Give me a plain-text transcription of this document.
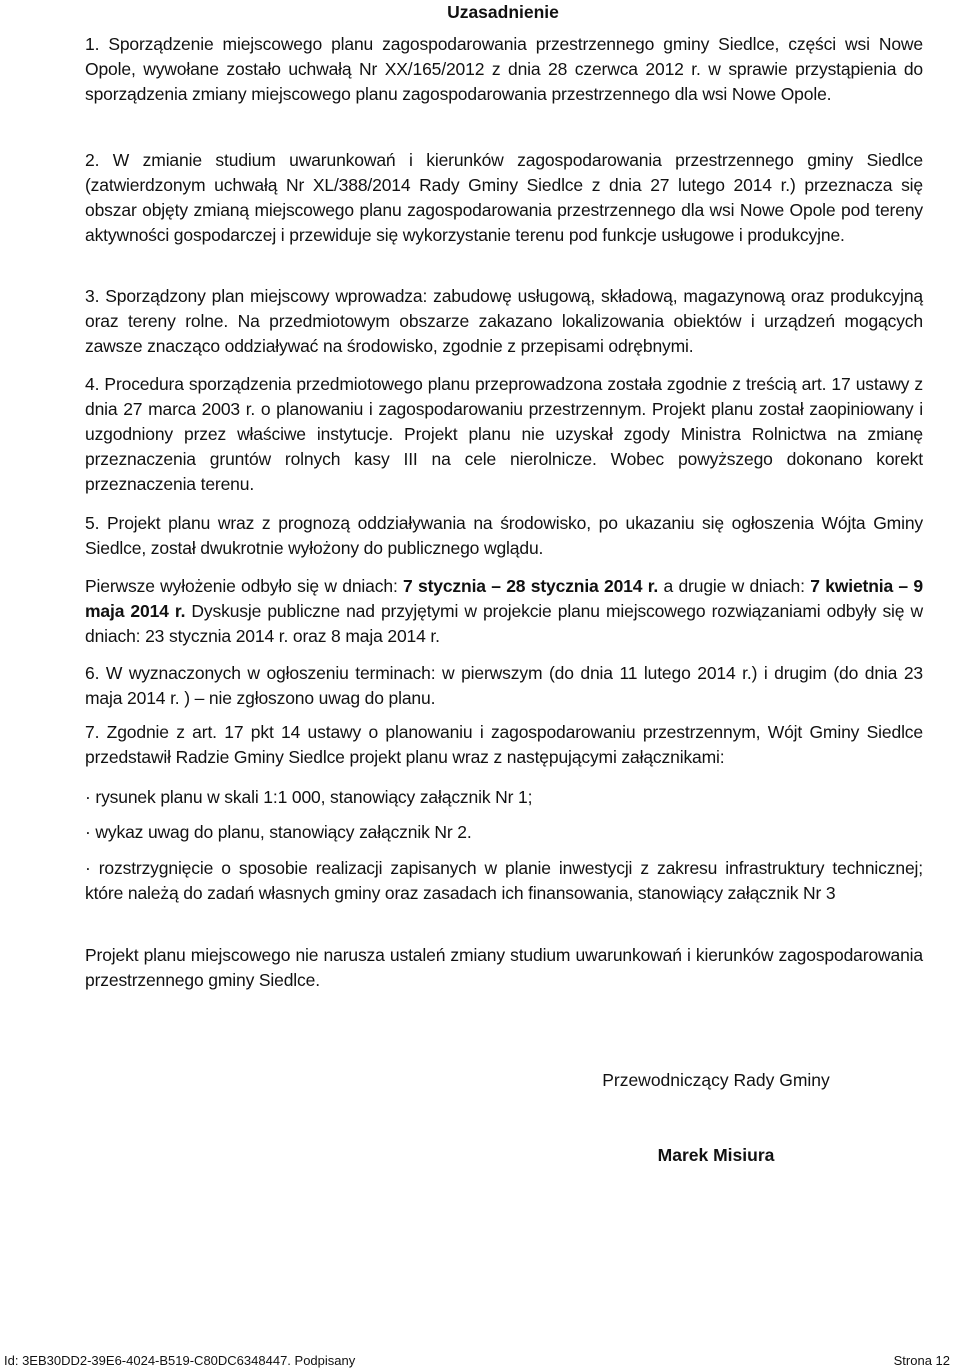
Uzasadnienie

1. Sporządzenie miejscowego planu zagospodarowania przestrzennego gminy Siedlce, części wsi Nowe Opole, wywołane zostało uchwałą Nr XX/165/2012 z dnia 28 czerwca 2012 r. w sprawie przystąpienia do sporządzenia zmiany miejscowego planu zagospodarowania przestrzennego dla wsi Nowe Opole.

2. W zmianie studium uwarunkowań i kierunków zagospodarowania przestrzennego gminy Siedlce (zatwierdzonym uchwałą Nr XL/388/2014 Rady Gminy Siedlce z dnia 27 lutego 2014 r.) przeznacza się obszar objęty zmianą miejscowego planu zagospodarowania przestrzennego dla wsi Nowe Opole pod tereny aktywności gospodarczej i przewiduje się wykorzystanie terenu pod funkcje usługowe i produkcyjne.

3. Sporządzony plan miejscowy wprowadza: zabudowę usługową, składową, magazynową oraz produkcyjną oraz tereny rolne. Na przedmiotowym obszarze zakazano lokalizowania obiektów i urządzeń mogących zawsze znacząco oddziaływać na środowisko, zgodnie z przepisami odrębnymi.

4. Procedura sporządzenia przedmiotowego planu przeprowadzona została zgodnie z treścią art. 17 ustawy z dnia 27 marca 2003 r. o planowaniu i zagospodarowaniu przestrzennym. Projekt planu został zaopiniowany i uzgodniony przez właściwe instytucje. Projekt planu nie uzyskał zgody Ministra Rolnictwa na zmianę przeznaczenia gruntów rolnych kasy III na cele nierolnicze. Wobec powyższego dokonano korekt przeznaczenia terenu.

5. Projekt planu wraz z prognozą oddziaływania na środowisko, po ukazaniu się ogłoszenia Wójta Gminy Siedlce, został dwukrotnie wyłożony do publicznego wglądu.

Pierwsze wyłożenie odbyło się w dniach: 7 stycznia – 28 stycznia 2014 r. a drugie w dniach: 7 kwietnia – 9 maja 2014 r. Dyskusje publiczne nad przyjętymi w projekcie planu miejscowego rozwiązaniami odbyły się w dniach: 23 stycznia 2014 r. oraz 8 maja 2014 r.

6. W wyznaczonych w ogłoszeniu terminach: w pierwszym (do dnia 11 lutego 2014 r.) i drugim (do dnia 23 maja 2014 r. ) – nie zgłoszono uwag do planu.

7. Zgodnie z art. 17 pkt 14 ustawy o planowaniu i zagospodarowaniu przestrzennym, Wójt Gminy Siedlce przedstawił Radzie Gminy Siedlce projekt planu wraz z następującymi załącznikami:

· rysunek planu w skali 1:1 000, stanowiący załącznik Nr 1;

· wykaz uwag do planu, stanowiący załącznik Nr 2.

· rozstrzygnięcie o sposobie realizacji zapisanych w planie inwestycji z zakresu infrastruktury technicznej; które należą do zadań własnych gminy oraz zasadach ich finansowania, stanowiący załącznik Nr 3

Projekt planu miejscowego nie narusza ustaleń zmiany studium uwarunkowań i kierunków zagospodarowania przestrzennego gminy Siedlce.

Przewodniczący Rady Gminy
Marek Misiura
Id: 3EB30DD2-39E6-4024-B519-C80DC6348447. Podpisany	Strona 12
